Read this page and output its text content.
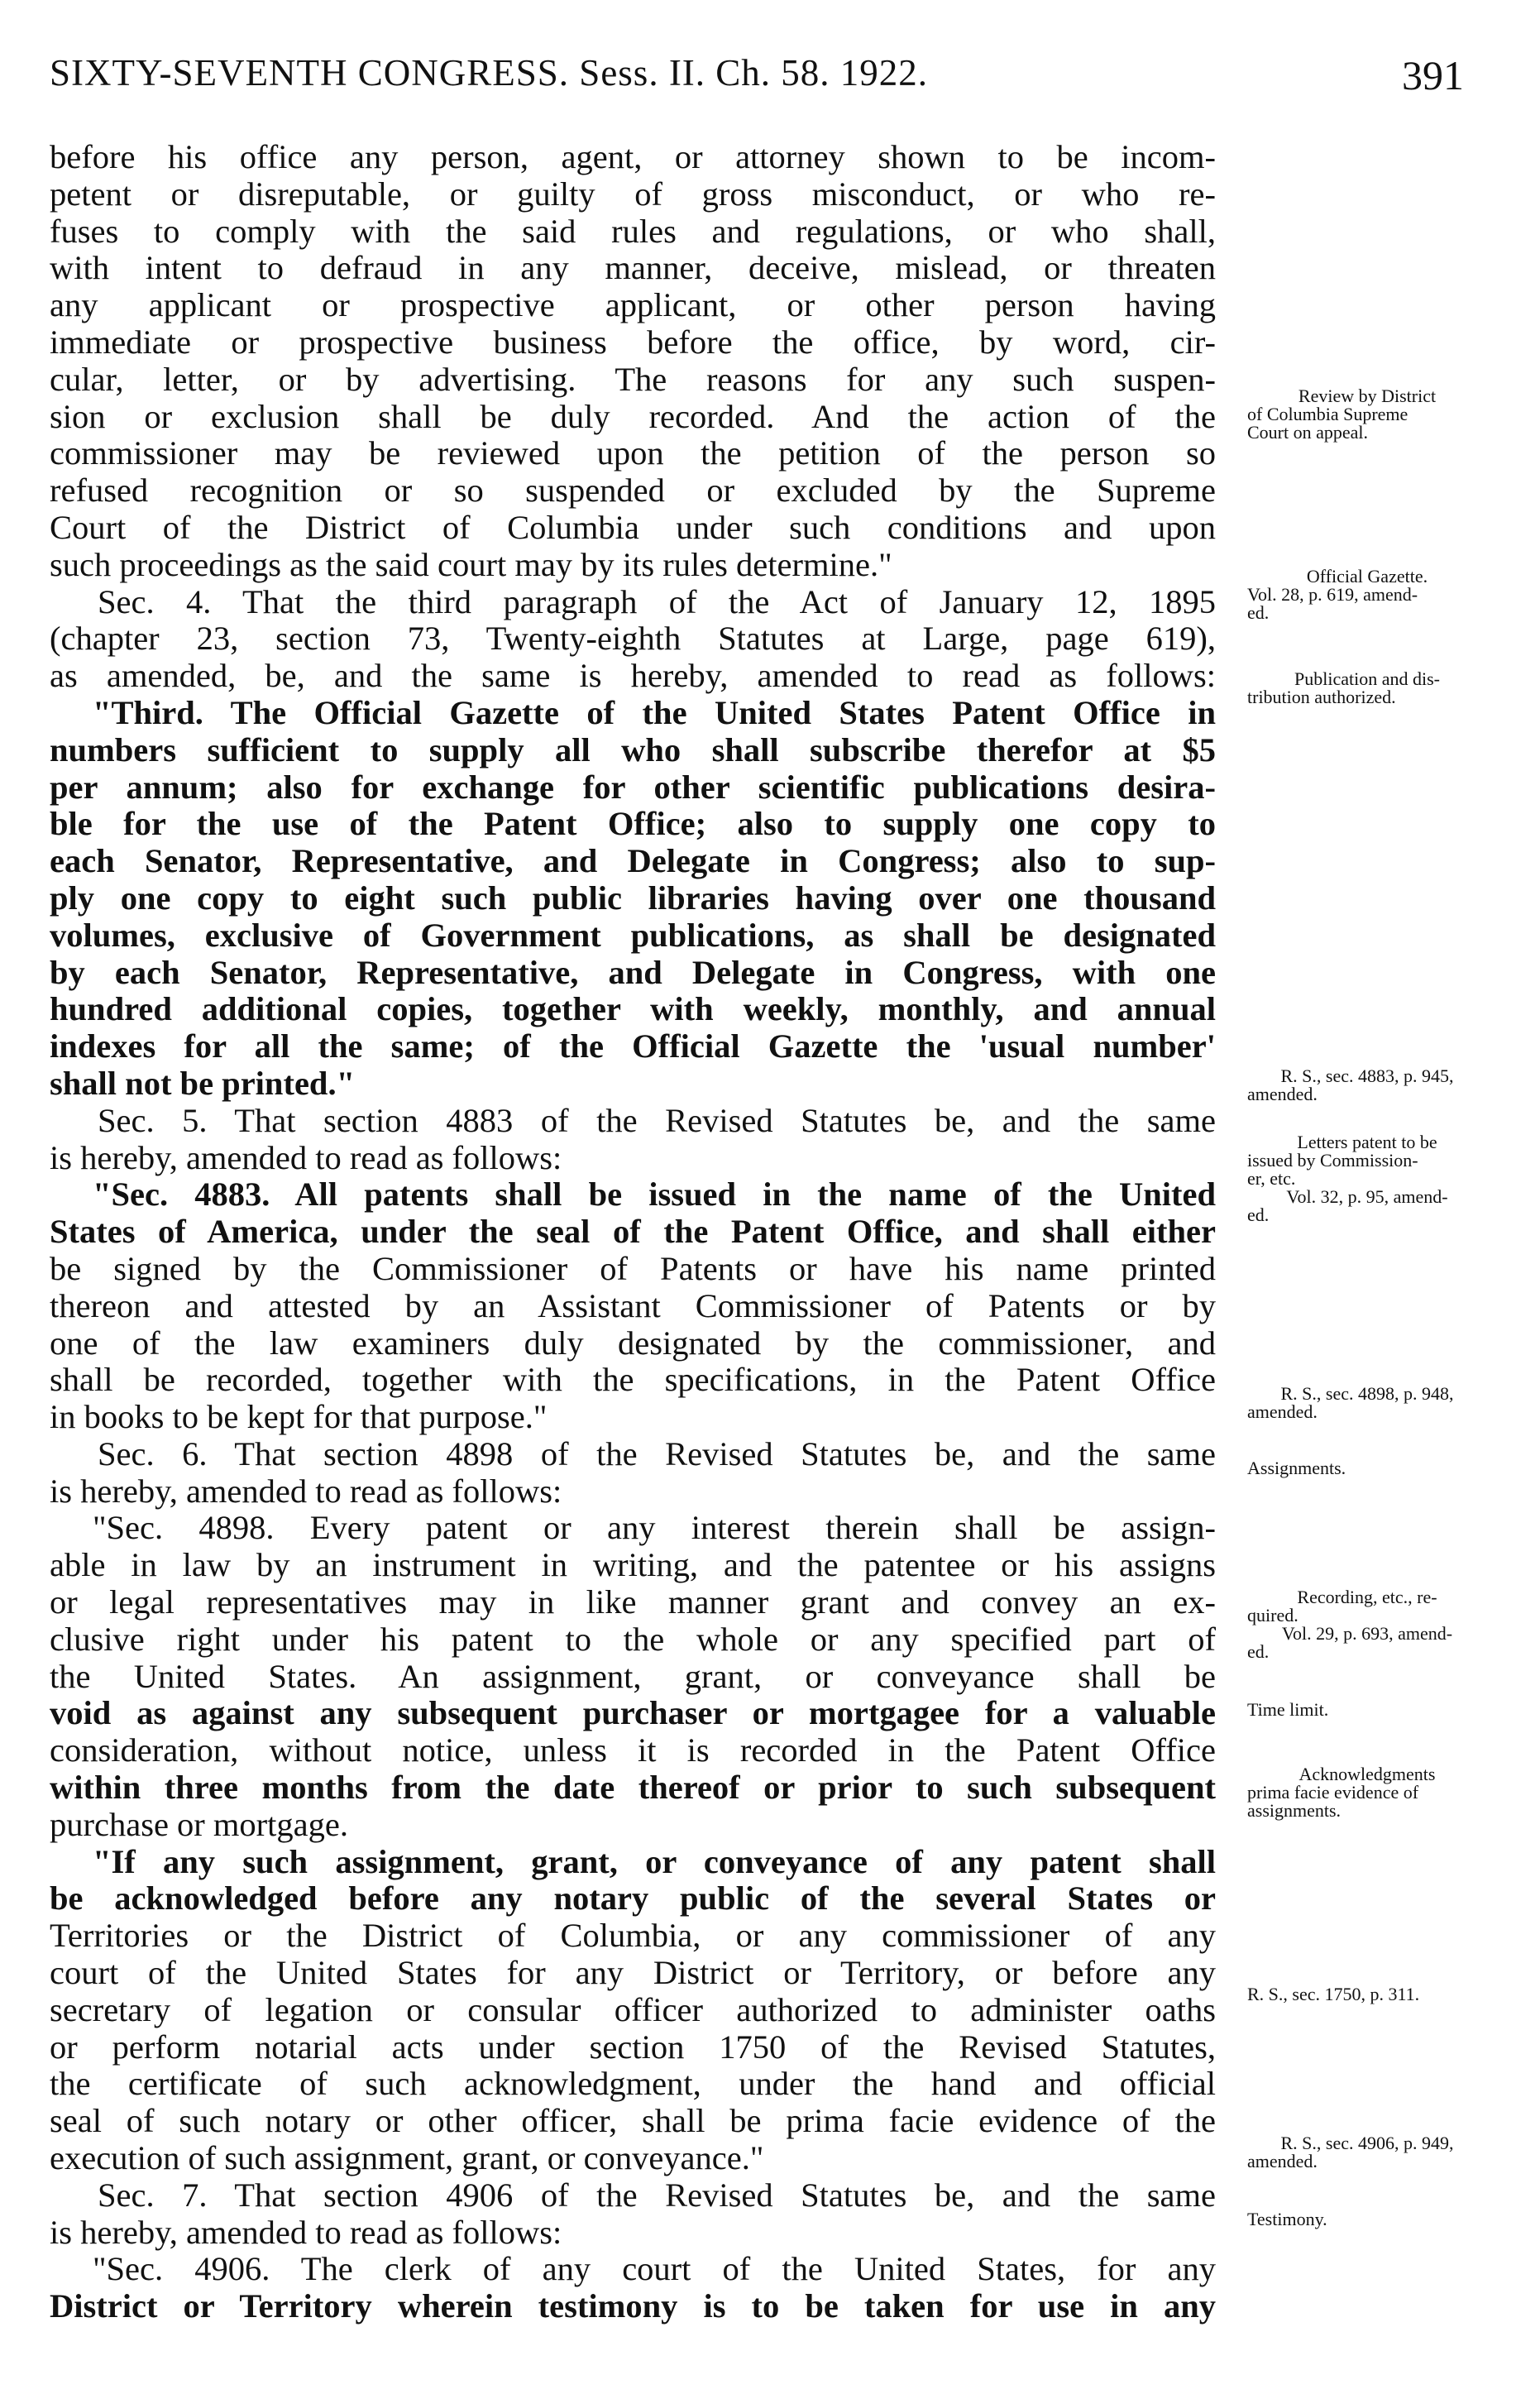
SIXTY-SEVENTH CONGRESS. Sess. II. Ch. 58. 1922.	391
before his office any person, agent, or attorney shown to be incom-
petent or disreputable, or guilty of gross misconduct, or who re-
fuses to comply with the said rules and regulations, or who shall,
with intent to defraud in any manner, deceive, mislead, or threaten
any applicant or prospective applicant, or other person having
immediate or prospective business before the office, by word, cir-
cular, letter, or by advertising. The reasons for any such suspen-
sion or exclusion shall be duly recorded. And the action of the
commissioner may be reviewed upon the petition of the person so
refused recognition or so suspended or excluded by the Supreme
Court of the District of Columbia under such conditions and upon
such proceedings as the said court may by its rules determine."
Sec. 4. That the third paragraph of the Act of January 12, 1895
(chapter 23, section 73, Twenty-eighth Statutes at Large, page 619),
as amended, be, and the same is hereby, amended to read as follows:
"Third. The Official Gazette of the United States Patent Office in
numbers sufficient to supply all who shall subscribe therefor at $5
per annum; also for exchange for other scientific publications desira-
ble for the use of the Patent Office; also to supply one copy to
each Senator, Representative, and Delegate in Congress; also to sup-
ply one copy to eight such public libraries having over one thousand
volumes, exclusive of Government publications, as shall be designated
by each Senator, Representative, and Delegate in Congress, with one
hundred additional copies, together with weekly, monthly, and annual
indexes for all the same; of the Official Gazette the 'usual number'
shall not be printed."
Sec. 5. That section 4883 of the Revised Statutes be, and the same
is hereby, amended to read as follows:
"Sec. 4883. All patents shall be issued in the name of the United
States of America, under the seal of the Patent Office, and shall either
be signed by the Commissioner of Patents or have his name printed
thereon and attested by an Assistant Commissioner of Patents or by
one of the law examiners duly designated by the commissioner, and
shall be recorded, together with the specifications, in the Patent Office
in books to be kept for that purpose."
Sec. 6. That section 4898 of the Revised Statutes be, and the same
is hereby, amended to read as follows:
"Sec. 4898. Every patent or any interest therein shall be assign-
able in law by an instrument in writing, and the patentee or his assigns
or legal representatives may in like manner grant and convey an ex-
clusive right under his patent to the whole or any specified part of
the United States. An assignment, grant, or conveyance shall be
void as against any subsequent purchaser or mortgagee for a valuable
consideration, without notice, unless it is recorded in the Patent Office
within three months from the date thereof or prior to such subsequent
purchase or mortgage.
"If any such assignment, grant, or conveyance of any patent shall
be acknowledged before any notary public of the several States or
Territories or the District of Columbia, or any commissioner of any
court of the United States for any District or Territory, or before any
secretary of legation or consular officer authorized to administer oaths
or perform notarial acts under section 1750 of the Revised Statutes,
the certificate of such acknowledgment, under the hand and official
seal of such notary or other officer, shall be prima facie evidence of the
execution of such assignment, grant, or conveyance."
Sec. 7. That section 4906 of the Revised Statutes be, and the same
is hereby, amended to read as follows:
"Sec. 4906. The clerk of any court of the United States, for any
District or Territory wherein testimony is to be taken for use in any
Review by District
of Columbia Supreme
Court on appeal.
Official Gazette.
Vol. 28, p. 619, amend-
ed.
Publication and dis-
tribution authorized.
R. S., sec. 4883, p. 945,
amended.
Letters patent to be
issued by Commission-
er, etc.
Vol. 32, p. 95, amend-
ed.
R. S., sec. 4898, p. 948,
amended.
Assignments.
Recording, etc., re-
quired.
Vol. 29, p. 693, amend-
ed.
Time limit.
Acknowledgments
prima facie evidence of
assignments.
R. S., sec. 1750, p. 311.
R. S., sec. 4906, p. 949,
amended.
Testimony.
